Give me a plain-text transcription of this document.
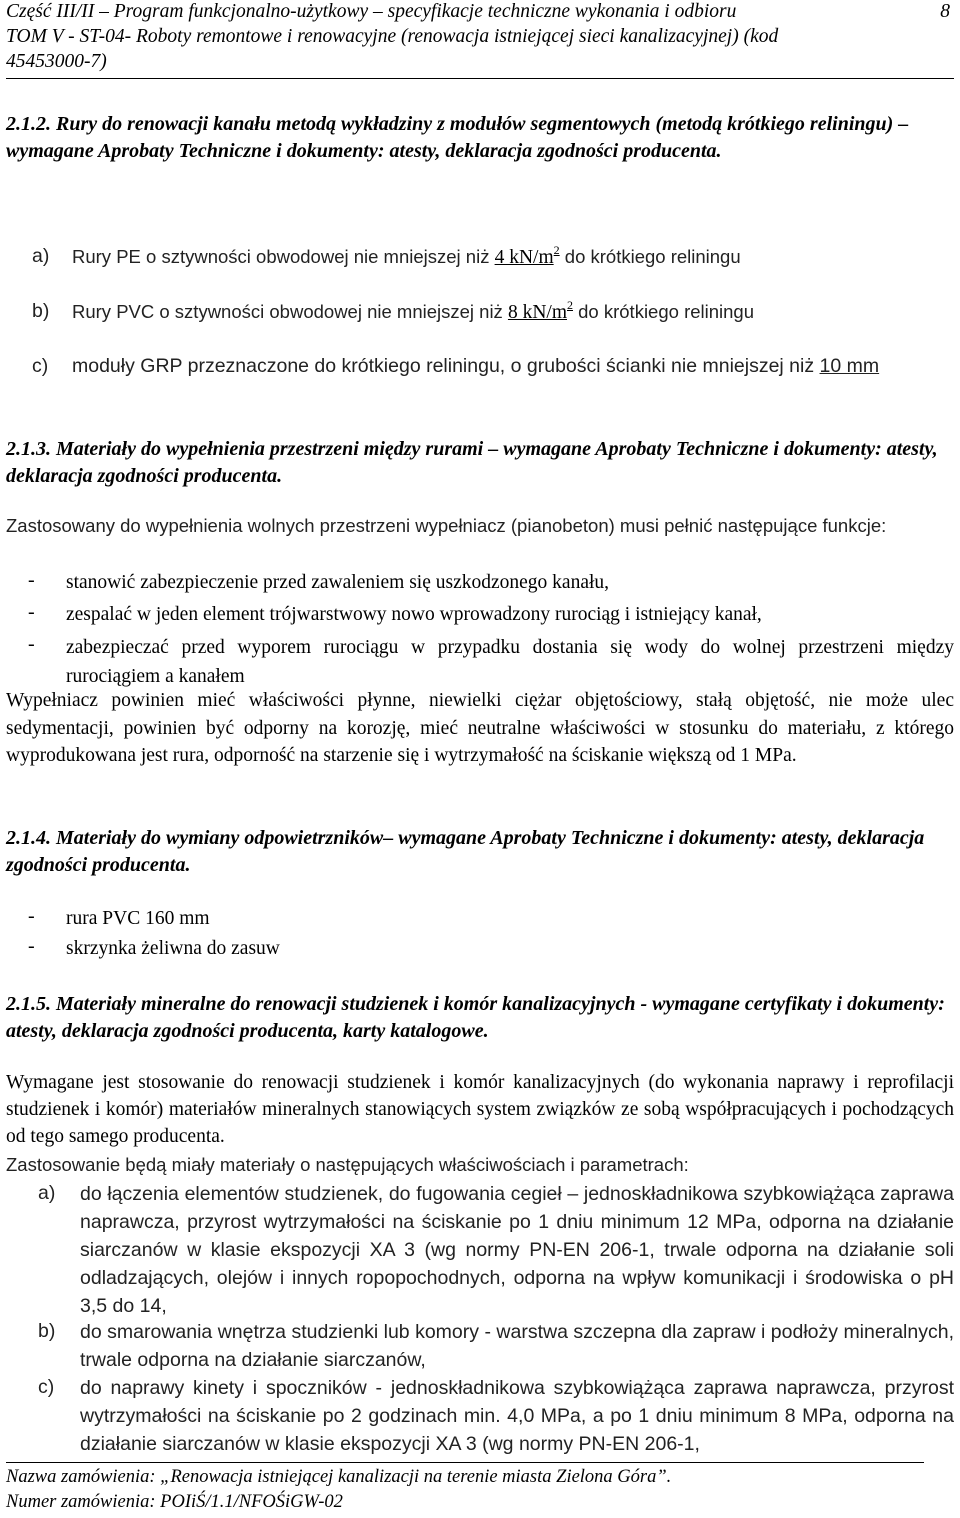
Część III/II – Program funkcjonalno-użytkowy – specyfikacje techniczne wykonania i odbioru	8
TOM V - ST-04- Roboty remontowe i renowacyjne (renowacja istniejącej sieci kanalizacyjnej) (kod
45453000-7)
2.1.2. Rury do renowacji kanału metodą wykładziny z modułów segmentowych (metodą krótkiego reliningu) – wymagane Aprobaty Techniczne i dokumenty: atesty, deklaracja zgodności producenta.
a)	Rury PE o sztywności obwodowej nie mniejszej niż 4 $kN/m^2$ do krótkiego reliningu
b)	Rury PVC o sztywności obwodowej nie mniejszej niż 8 $kN/m^2$ do krótkiego reliningu
c)	moduły GRP przeznaczone do krótkiego reliningu, o grubości ścianki nie mniejszej niż 10 mm
2.1.3. Materiały do wypełnienia przestrzeni między rurami – wymagane Aprobaty Techniczne i dokumenty: atesty, deklaracja zgodności producenta.
Zastosowany do wypełnienia wolnych przestrzeni wypełniacz (pianobeton) musi pełnić następujące funkcje:
- stanowić zabezpieczenie przed zawaleniem się uszkodzonego kanału,
- zespalać w jeden element trójwarstwowy nowo wprowadzony rurociąg i istniejący kanał,
- zabezpieczać przed wyporem rurociągu w przypadku dostania się wody do wolnej przestrzeni między rurociągiem a kanałem
Wypełniacz powinien mieć właściwości płynne, niewielki ciężar objętościowy, stałą objętość, nie może ulec sedymentacji, powinien być odporny na korozję, mieć neutralne właściwości w stosunku do materiału, z którego wyprodukowana jest rura, odporność na starzenie się i wytrzymałość na ściskanie większą od 1 MPa.
2.1.4. Materiały do wymiany odpowietrzników– wymagane Aprobaty Techniczne i dokumenty: atesty, deklaracja zgodności producenta.
- rura PVC 160 mm
- skrzynka żeliwna do zasuw
2.1.5. Materiały mineralne do renowacji studzienek i komór kanalizacyjnych - wymagane certyfikaty i dokumenty: atesty, deklaracja zgodności producenta, karty katalogowe.
Wymagane jest stosowanie do renowacji studzienek i komór kanalizacyjnych (do wykonania naprawy i reprofilacji studzienek i komór) materiałów mineralnych stanowiących system związków ze sobą współpracujących i pochodzących od tego samego producenta.
Zastosowanie będą miały materiały o następujących właściwościach i parametrach:
a)	do łączenia elementów studzienek, do fugowania cegieł – jednoskładnikowa szybkowiążąca zaprawa naprawcza, przyrost wytrzymałości na ściskanie po 1 dniu minimum 12 MPa, odporna na działanie siarczanów w klasie ekspozycji XA 3 (wg normy PN-EN 206-1, trwale odporna na działanie soli odladzających, olejów i innych ropopochodnych, odporna na wpływ komunikacji i środowiska o pH 3,5 do 14,
b)	do smarowania wnętrza studzienki lub komory - warstwa szczepna dla zapraw i podłoży mineralnych, trwale odporna na działanie siarczanów,
c)	do naprawy kinety i spoczników - jednoskładnikowa szybkowiążąca zaprawa naprawcza, przyrost wytrzymałości na ściskanie po 2 godzinach min. 4,0 MPa, a po 1 dniu minimum 8 MPa, odporna na działanie siarczanów w klasie ekspozycji XA 3 (wg normy PN-EN 206-1,
Nazwa zamówienia: „Renowacja istniejącej kanalizacji na terenie miasta Zielona Góra”.
Numer zamówienia: POIiŚ/1.1/NFOŚiGW-02
